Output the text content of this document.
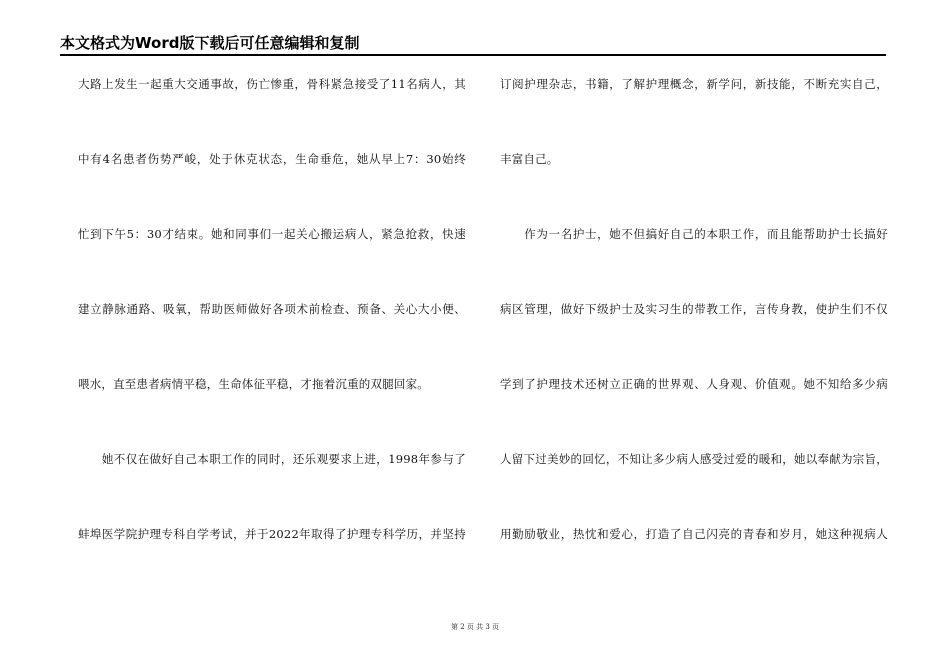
本文格式为Word版下载后可任意编辑和复制
大路上发生一起重大交通事故，伤亡惨重，骨科紧急接受了11名病人，其
中有4名患者伤势严峻，处于休克状态，生命垂危，她从早上7：30始终
忙到下午5：30才结束。她和同事们一起关心搬运病人，紧急抢救，快速
建立静脉通路、吸氧，帮助医师做好各项术前检查、预备、关心大小便、
喂水，直至患者病情平稳，生命体征平稳，才拖着沉重的双腿回家。
　　她不仅在做好自己本职工作的同时，还乐观要求上进，1998年参与了
蚌埠医学院护理专科自学考试，并于2022年取得了护理专科学历，并坚持
订阅护理杂志，书籍，了解护理概念，新学问，新技能，不断充实自己，
丰富自己。
　　作为一名护士，她不但搞好自己的本职工作，而且能帮助护士长搞好
病区管理，做好下级护士及实习生的带教工作，言传身教，使护生们不仅
学到了护理技术还树立正确的世界观、人身观、价值观。她不知给多少病
人留下过美妙的回忆，不知让多少病人感受过爱的暖和，她以奉献为宗旨，
用勤励敬业，热忱和爱心，打造了自己闪亮的青春和岁月，她这种视病人
第 2 页 共 3 页
